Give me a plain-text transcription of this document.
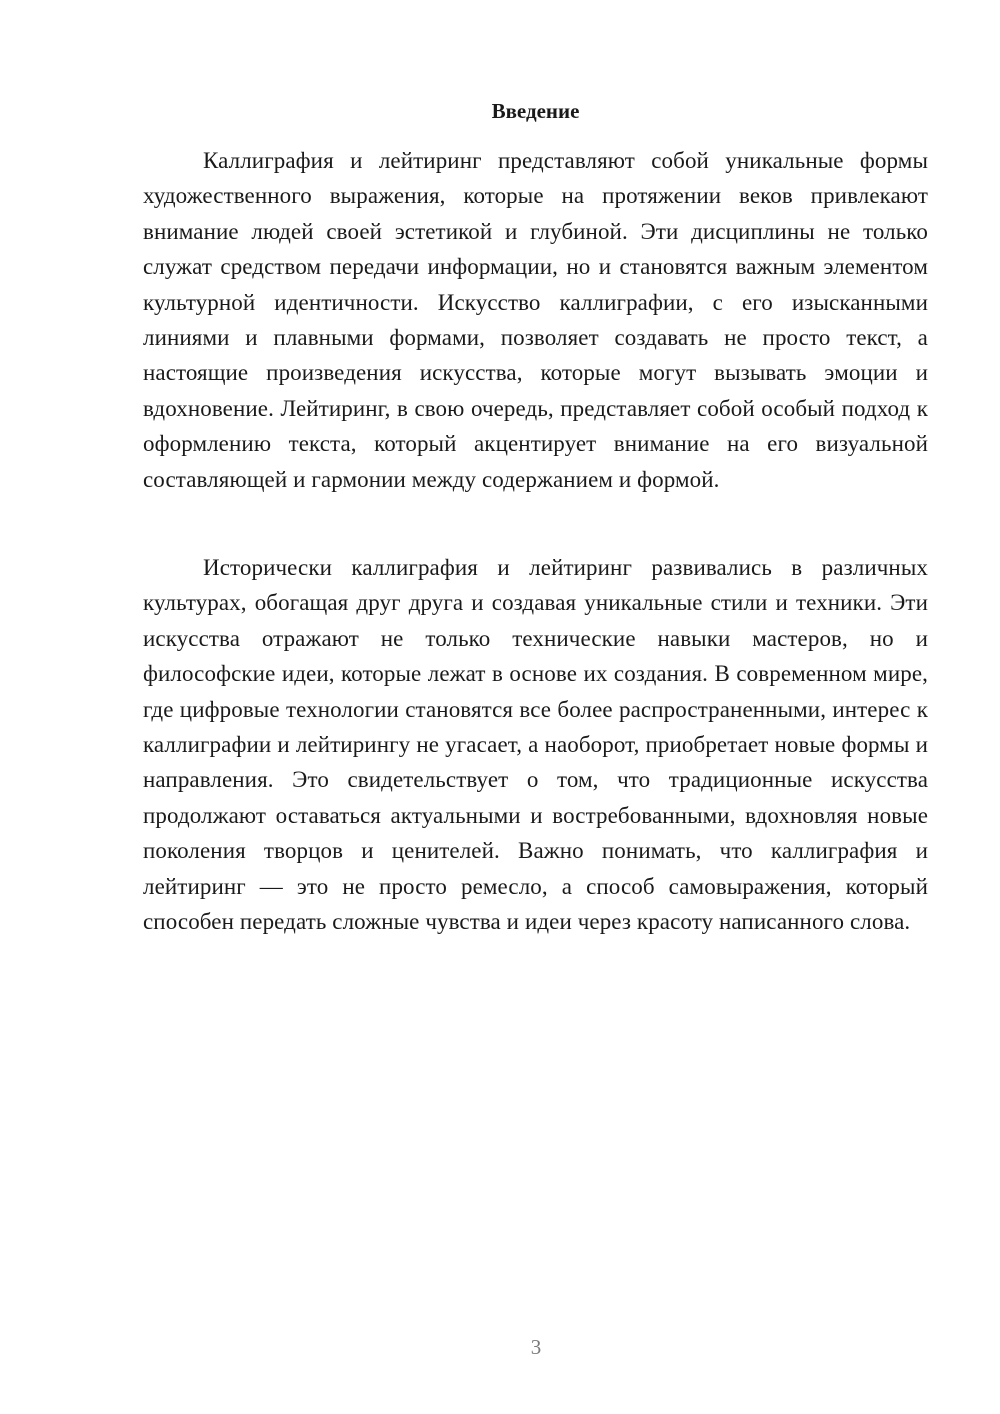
Введение

Каллиграфия и лейтиринг представляют собой уникальные формы художественного выражения, которые на протяжении веков привлекают внимание людей своей эстетикой и глубиной. Эти дисциплины не только служат средством передачи информации, но и становятся важным элементом культурной идентичности. Искусство каллиграфии, с его изысканными линиями и плавными формами, позволяет создавать не просто текст, а настоящие произведения искусства, которые могут вызывать эмоции и вдохновение. Лейтиринг, в свою очередь, представляет собой особый подход к оформлению текста, который акцентирует внимание на его визуальной составляющей и гармонии между содержанием и формой.

Исторически каллиграфия и лейтиринг развивались в различных культурах, обогащая друг друга и создавая уникальные стили и техники. Эти искусства отражают не только технические навыки мастеров, но и философские идеи, которые лежат в основе их создания. В современном мире, где цифровые технологии становятся все более распространенными, интерес к каллиграфии и лейтирингу не угасает, а наоборот, приобретает новые формы и направления. Это свидетельствует о том, что традиционные искусства продолжают оставаться актуальными и востребованными, вдохновляя новые поколения творцов и ценителей. Важно понимать, что каллиграфия и лейтиринг — это не просто ремесло, а способ самовыражения, который способен передать сложные чувства и идеи через красоту написанного слова.

3
